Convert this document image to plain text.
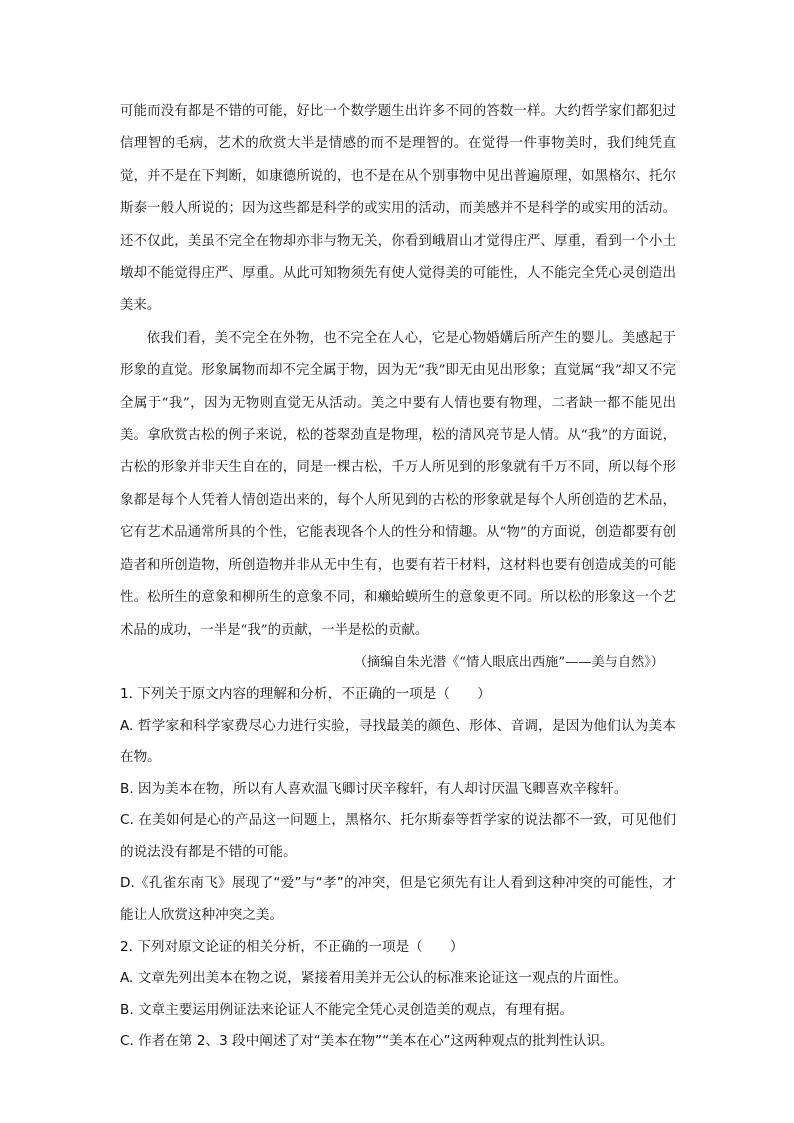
可能而没有都是不错的可能，好比一个数学题生出许多不同的答数一样。大约哲学家们都犯过信理智的毛病，艺术的欣赏大半是情感的而不是理智的。在觉得一件事物美时，我们纯凭直觉，并不是在下判断，如康德所说的，也不是在从个别事物中见出普遍原理，如黑格尔、托尔斯泰一般人所说的；因为这些都是科学的或实用的活动，而美感并不是科学的或实用的活动。还不仅此，美虽不完全在物却亦非与物无关，你看到峨眉山才觉得庄严、厚重，看到一个小土墩却不能觉得庄严、厚重。从此可知物须先有使人觉得美的可能性，人不能完全凭心灵创造出美来。

依我们看，美不完全在外物，也不完全在人心，它是心物婚媾后所产生的婴儿。美感起于形象的直觉。形象属物而却不完全属于物，因为无“我”即无由见出形象；直觉属“我”却又不完全属于“我”，因为无物则直觉无从活动。美之中要有人情也要有物理，二者缺一都不能见出美。拿欣赏古松的例子来说，松的苍翠劲直是物理，松的清风亮节是人情。从“我”的方面说，古松的形象并非天生自在的，同是一棵古松，千万人所见到的形象就有千万不同，所以每个形象都是每个人凭着人情创造出来的，每个人所见到的古松的形象就是每个人所创造的艺术品，它有艺术品通常所具的个性，它能表现各个人的性分和情趣。从“物”的方面说，创造都要有创造者和所创造物，所创造物并非从无中生有，也要有若干材料，这材料也要有创造成美的可能性。松所生的意象和柳所生的意象不同，和癞蛤蟆所生的意象更不同。所以松的形象这一个艺术品的成功，一半是“我”的贡献，一半是松的贡献。

（摘编自朱光潜《“情人眼底出西施”——美与自然》）

1. 下列关于原文内容的理解和分析，不正确的一项是（　　）

A. 哲学家和科学家费尽心力进行实验，寻找最美的颜色、形体、音调，是因为他们认为美本在物。

B. 因为美本在物，所以有人喜欢温飞卿讨厌辛稼轩，有人却讨厌温飞卿喜欢辛稼轩。

C. 在美如何是心的产品这一问题上，黑格尔、托尔斯泰等哲学家的说法都不一致，可见他们的说法没有都是不错的可能。

D.《孔雀东南飞》展现了“爱”与“孝”的冲突，但是它须先有让人看到这种冲突的可能性，才能让人欣赏这种冲突之美。

2. 下列对原文论证的相关分析，不正确的一项是（　　）

A. 文章先列出美本在物之说，紧接着用美并无公认的标准来论证这一观点的片面性。

B. 文章主要运用例证法来论证人不能完全凭心灵创造美的观点，有理有据。

C. 作者在第 2、3 段中阐述了对“美本在物”“美本在心”这两种观点的批判性认识。
